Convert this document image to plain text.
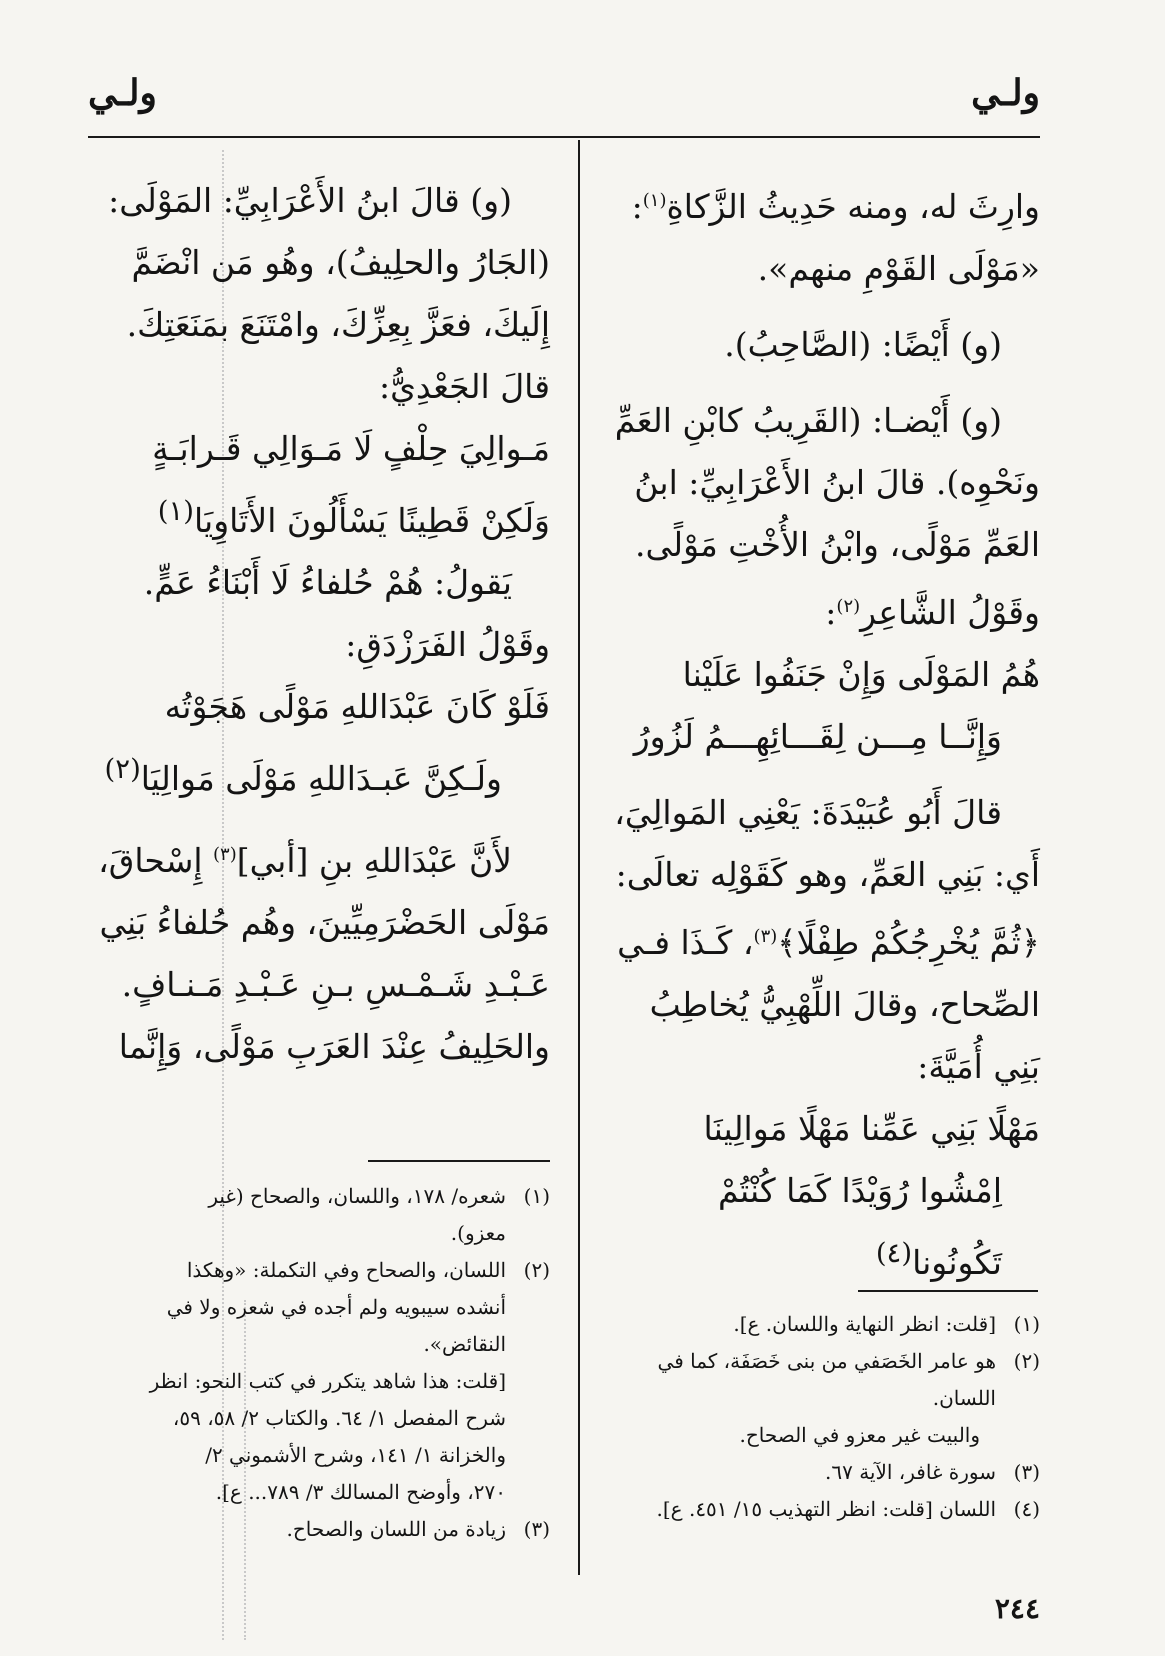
ولـي
ولـي

وارِثَ له، ومنه حَدِيثُ الزَّكاةِ$^{(١)}$:

«مَوْلَى القَوْمِ منهم».

(و) أَيْضًا: (الصَّاحِبُ).

(و) أَيْضـا: (القَرِيبُ كابْنِ العَمِّ

ونَحْوِه). قالَ ابنُ الأَعْرَابِيِّ: ابنُ

العَمِّ مَوْلًى، وابْنُ الأُخْتِ مَوْلًى.

وقَوْلُ الشَّاعِرِ$^{(٢)}$:

هُمُ المَوْلَى وَإِنْ جَنَفُوا عَلَيْنا

وَإِنَّــا مِـــن لِقَـــائِهِـــمُ لَزُورُ

قالَ أَبُو عُبَيْدَةَ: يَعْنِي المَوالِيَ،

أَي: بَنِي العَمِّ، وهو كَقَوْلِه تعالَى:

﴿ثُمَّ يُخْرِجُكُمْ طِفْلًا﴾$^{(٣)}$، كَـذَا فـي

الصِّحاح، وقالَ اللِّهْبِيُّ يُخاطِبُ

بَنِي أُمَيَّةَ:

مَهْلًا بَنِي عَمِّنا مَهْلًا مَوالِينَا

اِمْشُوا رُوَيْدًا كَمَا كُنْتُمْ تَكُونُونا$^{(٤)}$

(و) قالَ ابنُ الأَعْرَابِيِّ: المَوْلَى:

(الجَارُ والحلِيفُ)، وهُو مَن انْضَمَّ

إِلَيكَ، فعَزَّ بِعِزِّكَ، وامْتَنَعَ بمَنَعَتِكَ.

قالَ الجَعْدِيُّ:

مَـوالِيَ حِلْفٍ لَا مَـوَالِي قَـرابَـةٍ

وَلَكِنْ قَطِينًا يَسْأَلُونَ الأَتَاوِيَا$^{(١)}$

يَقولُ: هُمْ حُلفاءُ لَا أَبْنَاءُ عَمٍّ.

وقَوْلُ الفَرَزْدَقِ:

فَلَوْ كَانَ عَبْدَاللهِ مَوْلًى هَجَوْتُه

ولَـكِنَّ عَبـدَاللهِ مَوْلَى مَوالِيَا$^{(٢)}$

لأَنَّ عَبْدَاللهِ بنِ [أبي]$^{(٣)}$ إِسْحاقَ،

مَوْلَى الحَضْرَمِيِّينَ، وهُم حُلفاءُ بَنِي

عَـبْـدِ شَـمْـسِ بـنِ عَـبْـدِ مَـنـافٍ.

والحَلِيفُ عِنْدَ العَرَبِ مَوْلًى، وَإِنَّما

(١)[قلت: انظر النهاية واللسان. ع].

(٢)هو عامر الخَصَفي من بنى خَصَفَة، كما في

اللسان.

والبيت غير معزو في الصحاح.

(٣)سورة غافر، الآية ٦٧.

(٤)اللسان [قلت: انظر التهذيب ١٥/ ٤٥١. ع].

(١)شعره/ ١٧٨، واللسان، والصحاح (غير

معزو).

(٢)اللسان، والصحاح وفي التكملة: «وهكذا

أنشده سيبويه ولم أجده في شعره ولا في

النقائض».

[قلت: هذا شاهد يتكرر في كتب النحو: انظر

شرح المفصل ١/ ٦٤. والكتاب ٢/ ٥٨، ٥٩،

والخزانة ١/ ١٤١، وشرح الأشموني ٢/

٢٧٠، وأوضح المسالك ٣/ ٧٨٩... ع].

(٣)زيادة من اللسان والصحاح.

٢٤٤
